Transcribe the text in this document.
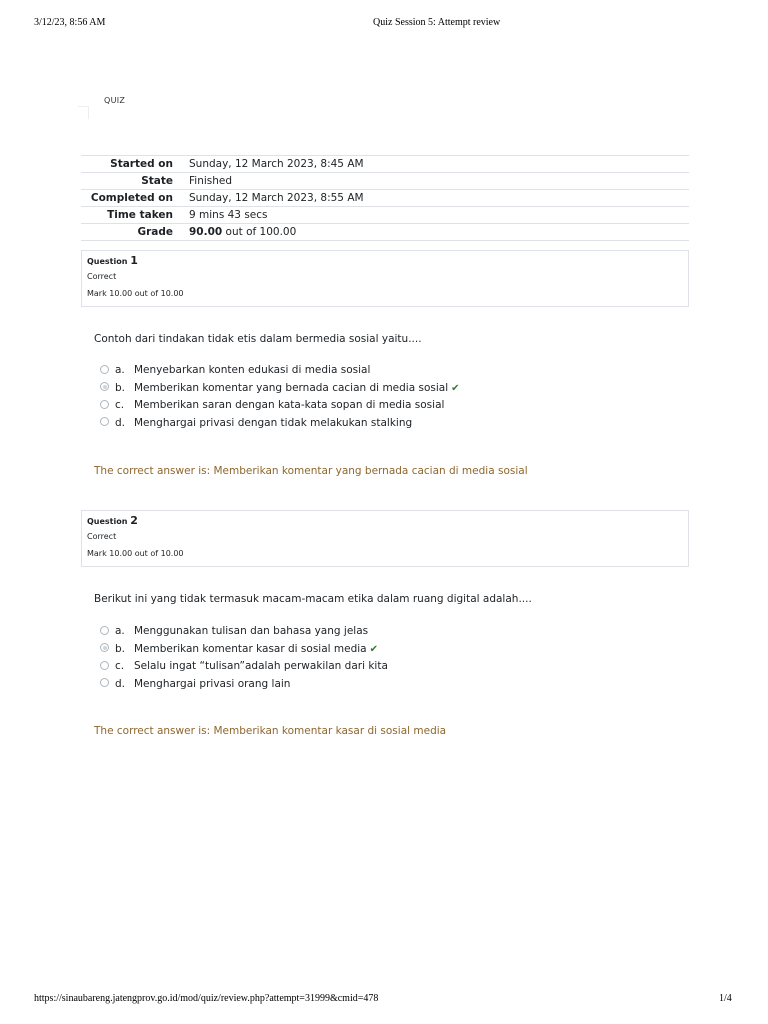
3/12/23, 8:56 AM	Quiz Session 5: Attempt review
QUIZ
Started on	Sunday, 12 March 2023, 8:45 AM
State	Finished
Completed on	Sunday, 12 March 2023, 8:55 AM
Time taken	9 mins 43 secs
Grade	90.00 out of 100.00
Question 1
Correct
Mark 10.00 out of 10.00
Contoh dari tindakan tidak etis dalam bermedia sosial yaitu....
a. Menyebarkan konten edukasi di media sosial
b. Memberikan komentar yang bernada cacian di media sosial ✔
c. Memberikan saran dengan kata-kata sopan di media sosial
d. Menghargai privasi dengan tidak melakukan stalking
The correct answer is: Memberikan komentar yang bernada cacian di media sosial
Question 2
Correct
Mark 10.00 out of 10.00
Berikut ini yang tidak termasuk macam-macam etika dalam ruang digital adalah....
a. Menggunakan tulisan dan bahasa yang jelas
b. Memberikan komentar kasar di sosial media ✔
c. Selalu ingat “tulisan”adalah perwakilan dari kita
d. Menghargai privasi orang lain
The correct answer is: Memberikan komentar kasar di sosial media
https://sinaubareng.jatengprov.go.id/mod/quiz/review.php?attempt=31999&cmid=478	1/4
